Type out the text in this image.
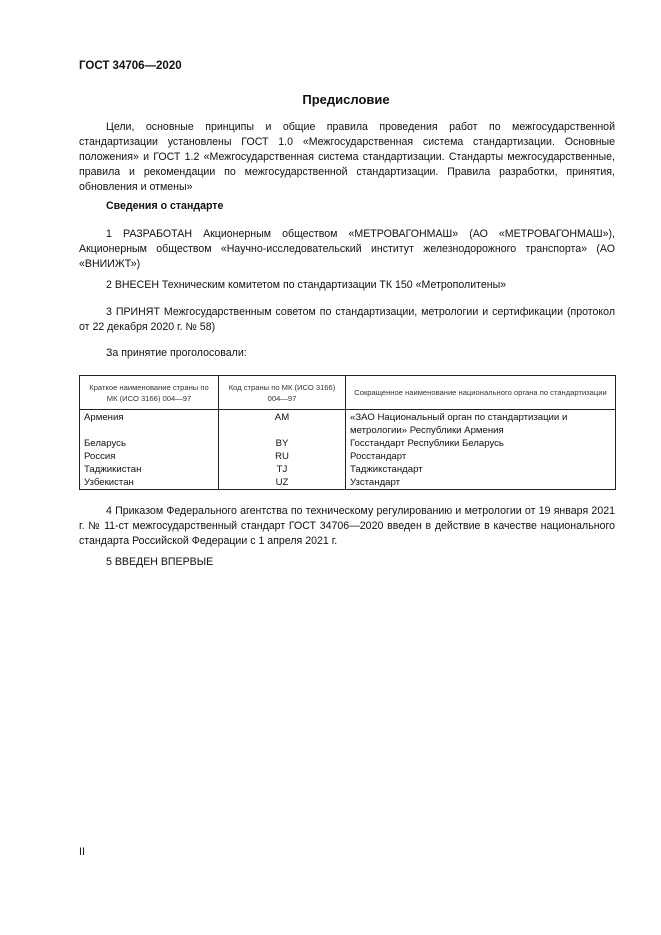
ГОСТ 34706—2020
Предисловие
Цели, основные принципы и общие правила проведения работ по межгосударственной стандартизации установлены ГОСТ 1.0 «Межгосударственная система стандартизации. Основные положения» и ГОСТ 1.2 «Межгосударственная система стандартизации. Стандарты межгосударственные, правила и рекомендации по межгосударственной стандартизации. Правила разработки, принятия, обновления и отмены»
Сведения о стандарте
1 РАЗРАБОТАН Акционерным обществом «МЕТРОВАГОНМАШ» (АО «МЕТРОВАГОНМАШ»), Акционерным обществом «Научно-исследовательский институт железнодорожного транспорта» (АО «ВНИИЖТ»)
2 ВНЕСЕН Техническим комитетом по стандартизации ТК 150 «Метрополитены»
3 ПРИНЯТ Межгосударственным советом по стандартизации, метрологии и сертификации (протокол от 22 декабря 2020 г. № 58)
За принятие проголосовали:
Краткое наименование страны по МК (ИСО 3166) 004—97	Код страны по МК (ИСО 3166) 004—97	Сокращенное наименование национального органа по стандартизации
Армения	AM	«ЗАО Национальный орган по стандартизации и метрологии» Республики Армения
Беларусь	BY	Госстандарт Республики Беларусь
Россия	RU	Росстандарт
Таджикистан	TJ	Таджикстандарт
Узбекистан	UZ	Узстандарт
4 Приказом Федерального агентства по техническому регулированию и метрологии от 19 января 2021 г. № 11-ст межгосударственный стандарт ГОСТ 34706—2020 введен в действие в качестве национального стандарта Российской Федерации с 1 апреля 2021 г.
5 ВВЕДЕН ВПЕРВЫЕ
II
